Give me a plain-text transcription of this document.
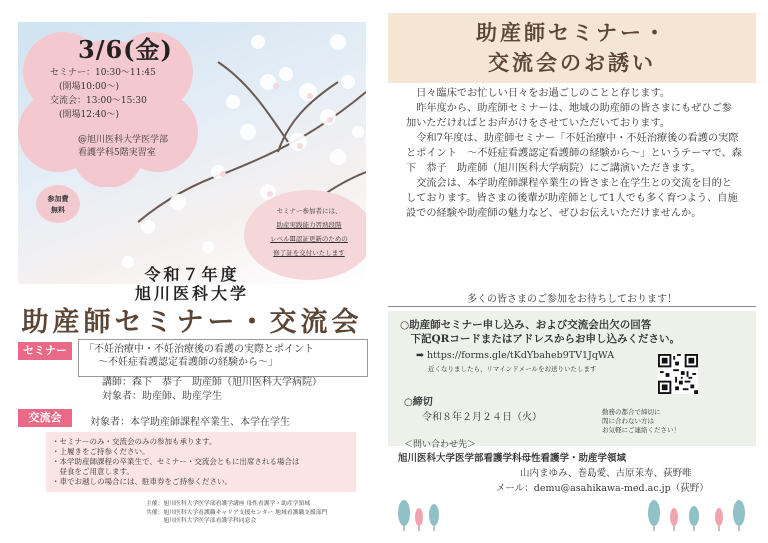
3/6(金)
セミナー：10:30～11:45
　(開場10:00～)
交流会：13:00～15:30
　(開場12:40～)
@旭川医科大学医学部
看護学科5階実習室
参加費
無料	セミナー参加者には、
助産実践能力習熟段階
レベルⅢ認証更新のための
修了証を交付いたします
令和７年度
旭川医科大学
助産師セミナー・交流会
セミナー	「不妊治療中・不妊治療後の看護の実際とポイント
～不妊症看護認定看護師の経験から～」
講師：森下　恭子　助産師（旭川医科大学病院）
対象者：助産師、助産学生
交流会	対象者：本学助産師課程卒業生、本学在学生
・セミナーのみ・交流会のみの参加も承ります。
・上履きをご持参ください。
・本学助産師課程の卒業生で、セミナー・交流会ともに出席される場合は
　昼食をご用意します。
・車でお越しの場合には、駐車券をご持参ください。
主催：旭川医科大学医学部看護学講座 母性看護学・助産学領域
共催：旭川医科大学看護職キャリア支援センター 地域看護職支援部門
　　　旭川医科大学医学部看護学科同窓会
助産師セミナー・
交流会のお誘い

日々臨床でお忙しい日々をお過ごしのことと存じます。

昨年度から、助産師セミナーは、地域の助産師の皆さまにもぜひご参加いただければとお声がけをさせていただいております。

令和7年度は、助産師セミナー「不妊治療中・不妊治療後の看護の実際とポイント　～不妊症看護認定看護師の経験から～」というテーマで、森下　恭子　助産師（旭川医科大学病院）にご講演いただきます。

交流会は、本学助産師課程卒業生の皆さまと在学生との交流を目的としております。皆さまの後輩が助産師として1人でも多く育つよう、自施設での経験や助産師の魅力など、ぜひお伝えいただけませんか。

多くの皆さまのご参加をお待ちしております！
○助産師セミナー申し込み、および交流会出欠の回答
　下記QRコードまたはアドレスからお申し込みください。
➡ https://forms.gle/tKdYbaheb9TV1JqWA
近くなりましたら、リマインドメールをお送りいたします
○締切
令和８年２月２４日（火）	勤務の都合で締切に
間に合わない方は
お気軽にご連絡ください！
＜問い合わせ先＞
旭川医科大学医学部看護学科母性看護学・助産学領域
山内まゆみ、巻島愛、古原茉寿、荻野唯
メール：demu@asahikawa-med.ac.jp（荻野）
